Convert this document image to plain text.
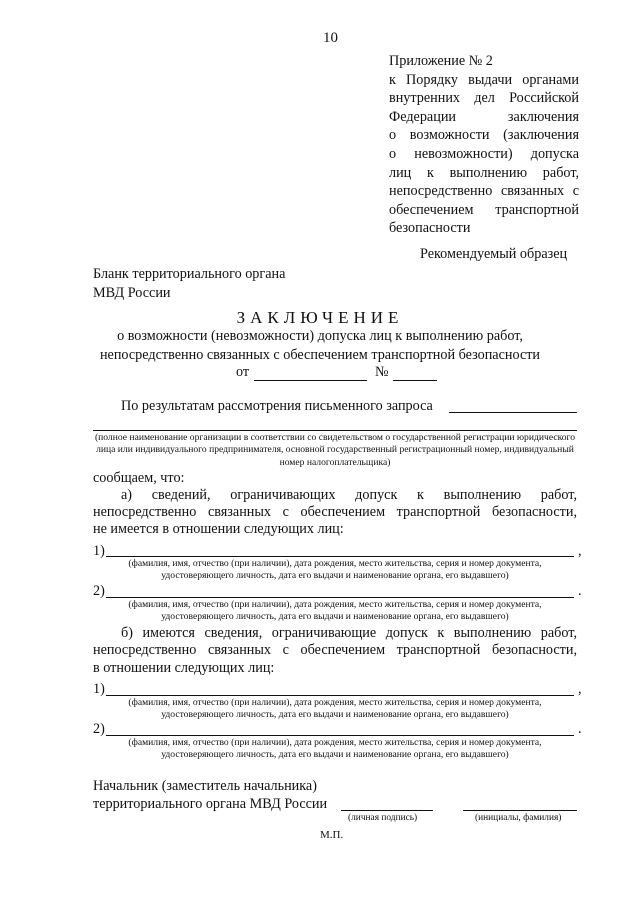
10
Приложение № 2
к Порядку выдачи органами
внутренних дел Российской
Федерации заключения
о возможности (заключения
о невозможности) допуска
лиц к выполнению работ,
непосредственно связанных с
обеспечением транспортной
безопасности
Рекомендуемый образец
Бланк территориального органа
МВД России
ЗАКЛЮЧЕНИЕ
о возможности (невозможности) допуска лиц к выполнению работ,
непосредственно связанных с обеспечением транспортной безопасности
от	№
По результатам рассмотрения письменного запроса
(полное наименование организации в соответствии со свидетельством о государственной регистрации юридического лица или индивидуального предпринимателя, основной государственный регистрационный номер, индивидуальный номер налогоплательщика)
сообщаем, что:
а) сведений, ограничивающих допуск к выполнению работ,
непосредственно связанных с обеспечением транспортной безопасности,
не имеется в отношении следующих лиц:
1)	,
(фамилия, имя, отчество (при наличии), дата рождения, место жительства, серия и номер документа,
удостоверяющего личность, дата его выдачи и наименование органа, его выдавшего)
2)	.
(фамилия, имя, отчество (при наличии), дата рождения, место жительства, серия и номер документа,
удостоверяющего личность, дата его выдачи и наименование органа, его выдавшего)
б) имеются сведения, ограничивающие допуск к выполнению работ,
непосредственно связанных с обеспечением транспортной безопасности,
в отношении следующих лиц:
1)	,
(фамилия, имя, отчество (при наличии), дата рождения, место жительства, серия и номер документа,
удостоверяющего личность, дата его выдачи и наименование органа, его выдавшего)
2)	.
(фамилия, имя, отчество (при наличии), дата рождения, место жительства, серия и номер документа,
удостоверяющего личность, дата его выдачи и наименование органа, его выдавшего)
Начальник (заместитель начальника)
территориального органа МВД России
(личная подпись)	(инициалы, фамилия)
М.П.
